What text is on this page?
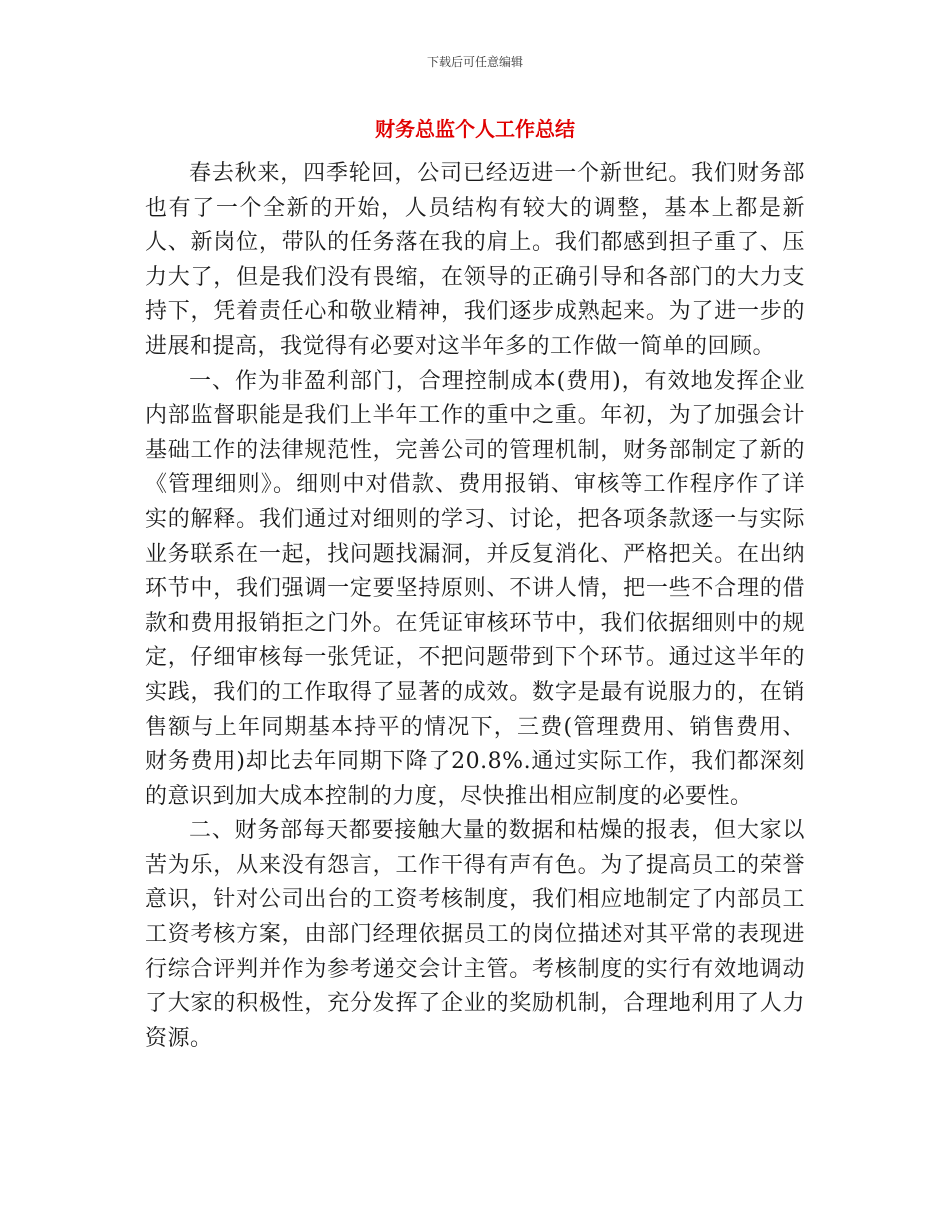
下载后可任意编辑
财务总监个人工作总结

春去秋来，四季轮回，公司已经迈进一个新世纪。我们财务部也有了一个全新的开始，人员结构有较大的调整，基本上都是新人、新岗位，带队的任务落在我的肩上。我们都感到担子重了、压力大了，但是我们没有畏缩，在领导的正确引导和各部门的大力支持下，凭着责任心和敬业精神，我们逐步成熟起来。为了进一步的进展和提高，我觉得有必要对这半年多的工作做一简单的回顾。

一、作为非盈利部门，合理控制成本(费用)，有效地发挥企业内部监督职能是我们上半年工作的重中之重。年初，为了加强会计基础工作的法律规范性，完善公司的管理机制，财务部制定了新的《管理细则》。细则中对借款、费用报销、审核等工作程序作了详实的解释。我们通过对细则的学习、讨论，把各项条款逐一与实际业务联系在一起，找问题找漏洞，并反复消化、严格把关。在出纳环节中，我们强调一定要坚持原则、不讲人情，把一些不合理的借款和费用报销拒之门外。在凭证审核环节中，我们依据细则中的规定，仔细审核每一张凭证，不把问题带到下个环节。通过这半年的实践，我们的工作取得了显著的成效。数字是最有说服力的，在销售额与上年同期基本持平的情况下，三费(管理费用、销售费用、财务费用)却比去年同期下降了20.8%.通过实际工作，我们都深刻的意识到加大成本控制的力度，尽快推出相应制度的必要性。

二、财务部每天都要接触大量的数据和枯燥的报表，但大家以苦为乐，从来没有怨言，工作干得有声有色。为了提高员工的荣誉意识，针对公司出台的工资考核制度，我们相应地制定了内部员工工资考核方案，由部门经理依据员工的岗位描述对其平常的表现进行综合评判并作为参考递交会计主管。考核制度的实行有效地调动了大家的积极性，充分发挥了企业的奖励机制，合理地利用了人力资源。
